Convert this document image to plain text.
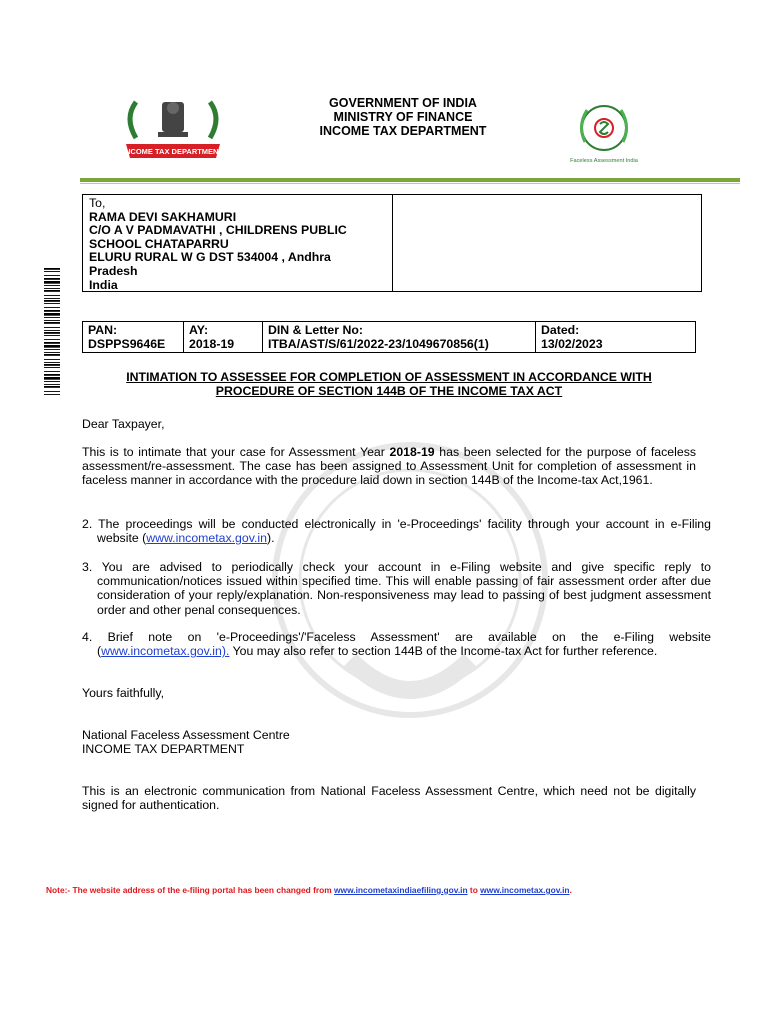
INCOME TAX DEPARTMENT
GOVERNMENT OF INDIA
MINISTRY OF FINANCE
INCOME TAX DEPARTMENT
Faceless Assessment India
To,
RAMA DEVI SAKHAMURI
C/O A V PADMAVATHI , CHILDRENS PUBLIC SCHOOL CHATAPARRU
ELURU RURAL W G DST 534004 , Andhra Pradesh
India
PAN:
DSPPS9646E

AY:
2018-19

DIN & Letter No:
ITBA/AST/S/61/2022-23/1049670856(1)

Dated:
13/02/2023
INTIMATION TO ASSESSEE FOR COMPLETION OF ASSESSMENT IN ACCORDANCE WITH
PROCEDURE OF SECTION 144B OF THE INCOME TAX ACT
Dear Taxpayer,
This is to intimate that your case for Assessment Year 2018-19 has been selected for the purpose of faceless assessment/re-assessment. The case has been assigned to Assessment Unit for completion of assessment in faceless manner in accordance with the procedure laid down in section 144B of the Income-tax Act,1961.
2. The proceedings will be conducted electronically in 'e-Proceedings' facility through your account in e-Filing website (www.incometax.gov.in).
3. You are advised to periodically check your account in e-Filing website and give specific reply to communication/notices issued within specified time. This will enable passing of fair assessment order after due consideration of your reply/explanation. Non-responsiveness may lead to passing of best judgment assessment order and other penal consequences.
4. Brief note on 'e-Proceedings'/'Faceless Assessment' are available on the e-Filing website (www.incometax.gov.in). You may also refer to section 144B of the Income-tax Act for further reference.
Yours faithfully,
National Faceless Assessment Centre
INCOME TAX DEPARTMENT
This is an electronic communication from National Faceless Assessment Centre, which need not be digitally signed for authentication.
Note:- The website address of the e-filing portal has been changed from www.incometaxindiaefiling.gov.in to www.incometax.gov.in.
